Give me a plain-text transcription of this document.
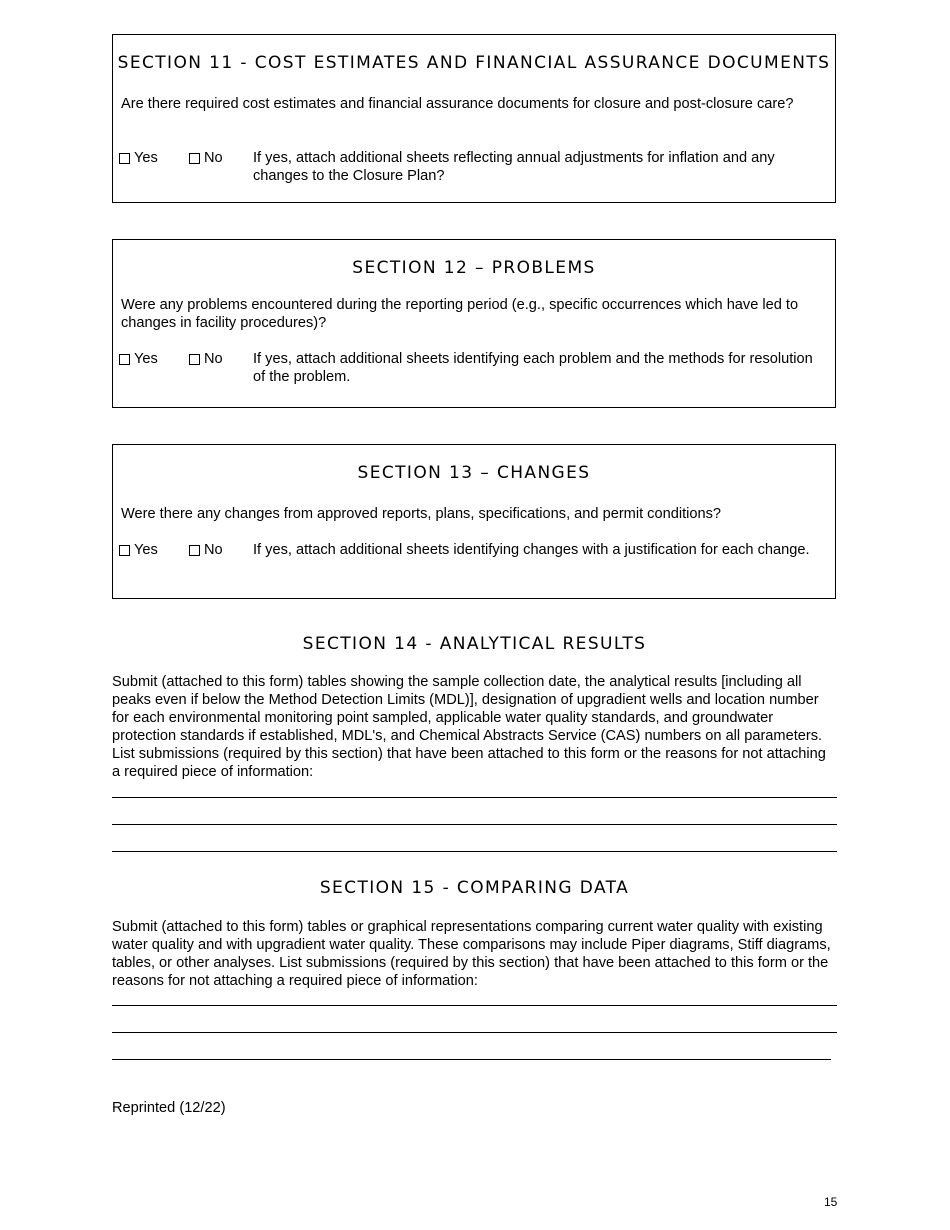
SECTION 11 - COST ESTIMATES AND FINANCIAL ASSURANCE DOCUMENTS

Are there required cost estimates and financial assurance documents for closure and post-closure care?

Yes	No If yes, attach additional sheets reflecting annual adjustments for inflation and any changes to the Closure Plan?
SECTION 12 – PROBLEMS

Were any problems encountered during the reporting period (e.g., specific occurrences which have led to changes in facility procedures)?

Yes	No If yes, attach additional sheets identifying each problem and the methods for resolution of the problem.
SECTION 13 – CHANGES

Were there any changes from approved reports, plans, specifications, and permit conditions?

Yes	No If yes, attach additional sheets identifying changes with a justification for each change.
SECTION 14 - ANALYTICAL RESULTS

Submit (attached to this form) tables showing the sample collection date, the analytical results [including all peaks even if below the Method Detection Limits (MDL)], designation of upgradient wells and location number for each environmental monitoring point sampled, applicable water quality standards, and groundwater protection standards if established, MDL's, and Chemical Abstracts Service (CAS) numbers on all parameters. List submissions (required by this section) that have been attached to this form or the reasons for not attaching a required piece of information:

SECTION 15 - COMPARING DATA

Submit (attached to this form) tables or graphical representations comparing current water quality with existing water quality and with upgradient water quality. These comparisons may include Piper diagrams, Stiff diagrams, tables, or other analyses. List submissions (required by this section) that have been attached to this form or the reasons for not attaching a required piece of information:

Reprinted (12/22)
15
